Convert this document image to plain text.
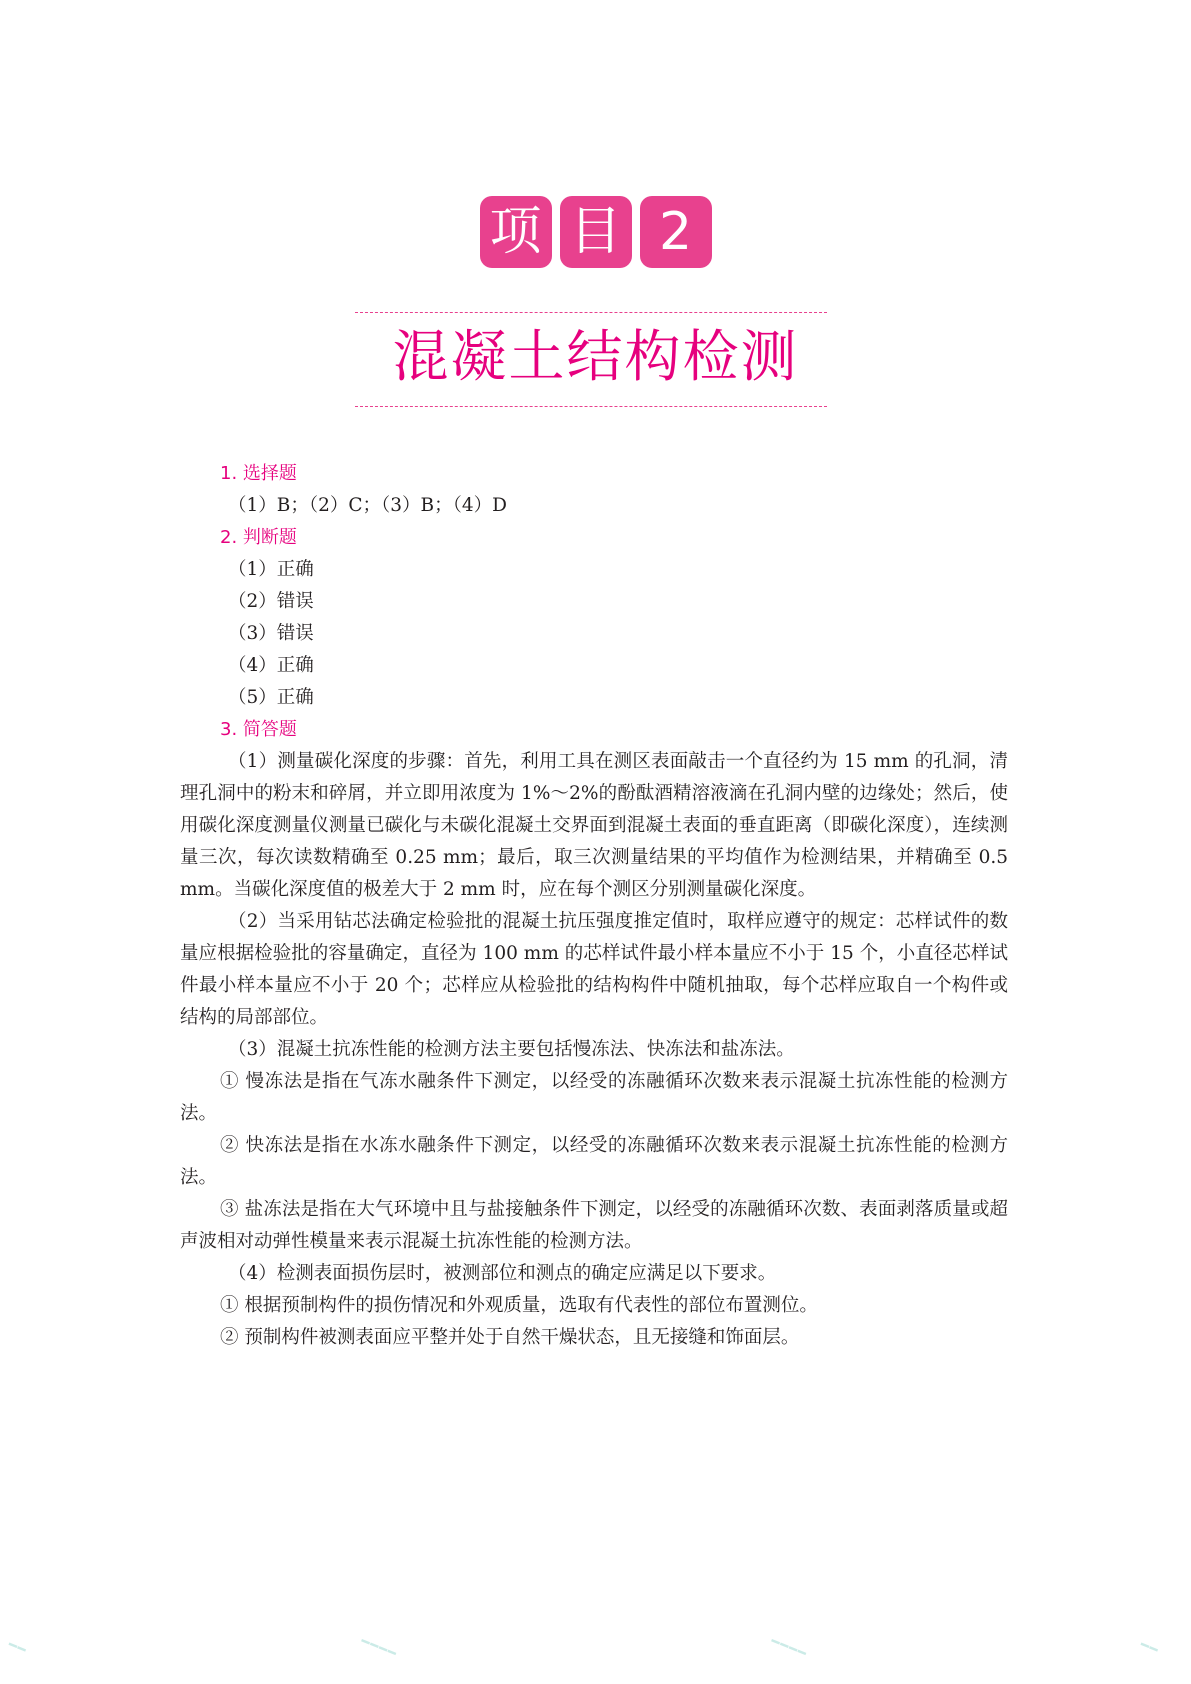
项 目 2
混凝土结构检测
1. 选择题
（1）B；（2）C；（3）B；（4）D
2. 判断题
（1）正确
（2）错误
（3）错误
（4）正确
（5）正确
3. 简答题
（1）测量碳化深度的步骤：首先，利用工具在测区表面敲击一个直径约为 15 mm 的孔洞，清理孔洞中的粉末和碎屑，并立即用浓度为 1%～2%的酚酞酒精溶液滴在孔洞内壁的边缘处；然后，使用碳化深度测量仪测量已碳化与未碳化混凝土交界面到混凝土表面的垂直距离（即碳化深度），连续测量三次，每次读数精确至 0.25 mm；最后，取三次测量结果的平均值作为检测结果，并精确至 0.5 mm。当碳化深度值的极差大于 2 mm 时，应在每个测区分别测量碳化深度。
（2）当采用钻芯法确定检验批的混凝土抗压强度推定值时，取样应遵守的规定：芯样试件的数量应根据检验批的容量确定，直径为 100 mm 的芯样试件最小样本量应不小于 15 个，小直径芯样试件最小样本量应不小于 20 个；芯样应从检验批的结构构件中随机抽取，每个芯样应取自一个构件或结构的局部部位。
（3）混凝土抗冻性能的检测方法主要包括慢冻法、快冻法和盐冻法。
① 慢冻法是指在气冻水融条件下测定，以经受的冻融循环次数来表示混凝土抗冻性能的检测方法。
② 快冻法是指在水冻水融条件下测定，以经受的冻融循环次数来表示混凝土抗冻性能的检测方法。
③ 盐冻法是指在大气环境中且与盐接触条件下测定，以经受的冻融循环次数、表面剥落质量或超声波相对动弹性模量来表示混凝土抗冻性能的检测方法。
（4）检测表面损伤层时，被测部位和测点的确定应满足以下要求。
① 根据预制构件的损伤情况和外观质量，选取有代表性的部位布置测位。
② 预制构件被测表面应平整并处于自然干燥状态，且无接缝和饰面层。
━━	━━━━	━━━━	━━
